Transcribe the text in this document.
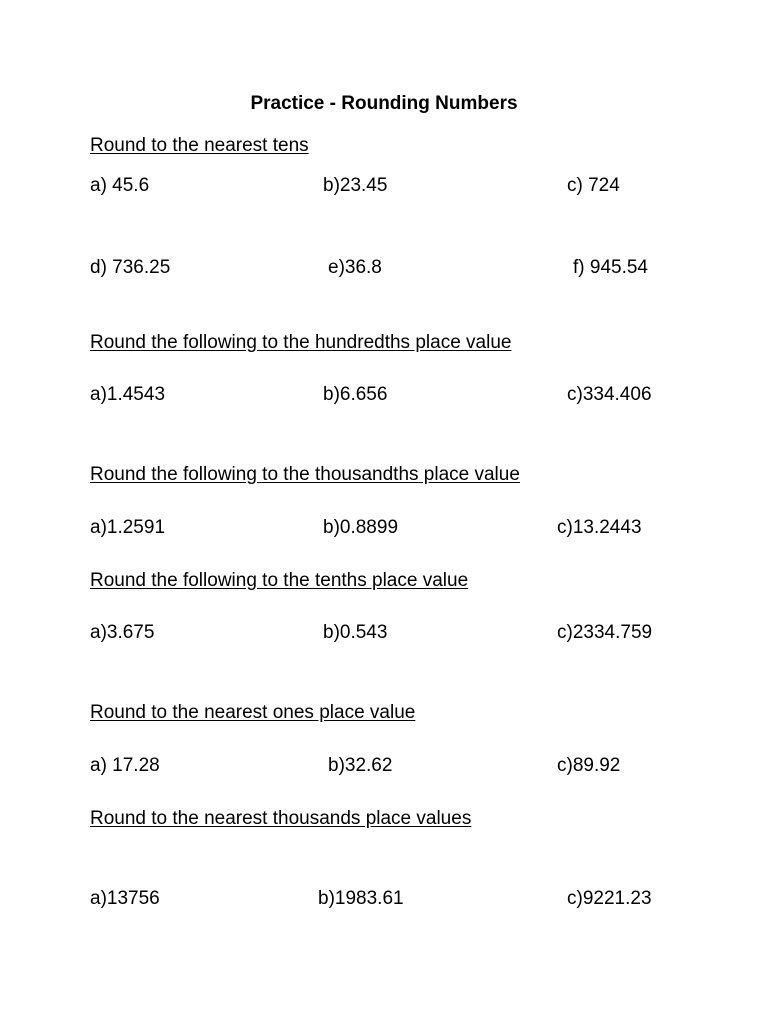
Practice - Rounding Numbers

Round to the nearest tens

a) 45.6	b)23.45	c) 724

d) 736.25	e)36.8	f) 945.54

Round the following to the hundredths place value

a)1.4543	b)6.656	c)334.406

Round the following to the thousandths place value

a)1.2591	b)0.8899	c)13.2443

Round the following to the tenths place value

a)3.675	b)0.543	c)2334.759

Round to the nearest ones place value

a) 17.28	b)32.62	c)89.92

Round to the nearest thousands place values

a)13756	b)1983.61	c)9221.23
